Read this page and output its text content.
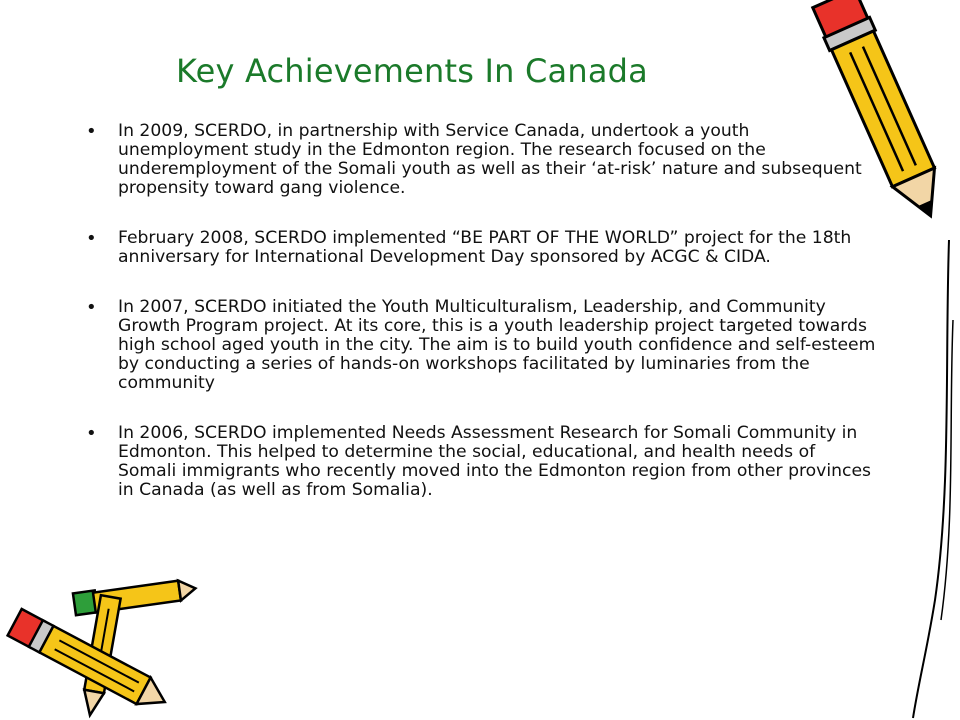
Key Achievements In Canada
• In 2009, SCERDO, in partnership with Service Canada, undertook a youth unemployment study in the Edmonton region. The research focused on the underemployment of the Somali youth as well as their ‘at-risk’ nature and subsequent propensity toward gang violence.
• February 2008, SCERDO implemented “BE PART OF THE WORLD” project for the 18th anniversary for International Development Day sponsored by ACGC & CIDA.
• In 2007, SCERDO initiated the Youth Multiculturalism, Leadership, and Community Growth Program project. At its core, this is a youth leadership project targeted towards high school aged youth in the city. The aim is to build youth confidence and self-esteem by conducting a series of hands-on workshops facilitated by luminaries from the community
• In 2006, SCERDO implemented Needs Assessment Research for Somali Community in Edmonton. This helped to determine the social, educational, and health needs of Somali immigrants who recently moved into the Edmonton region from other provinces in Canada (as well as from Somalia).
